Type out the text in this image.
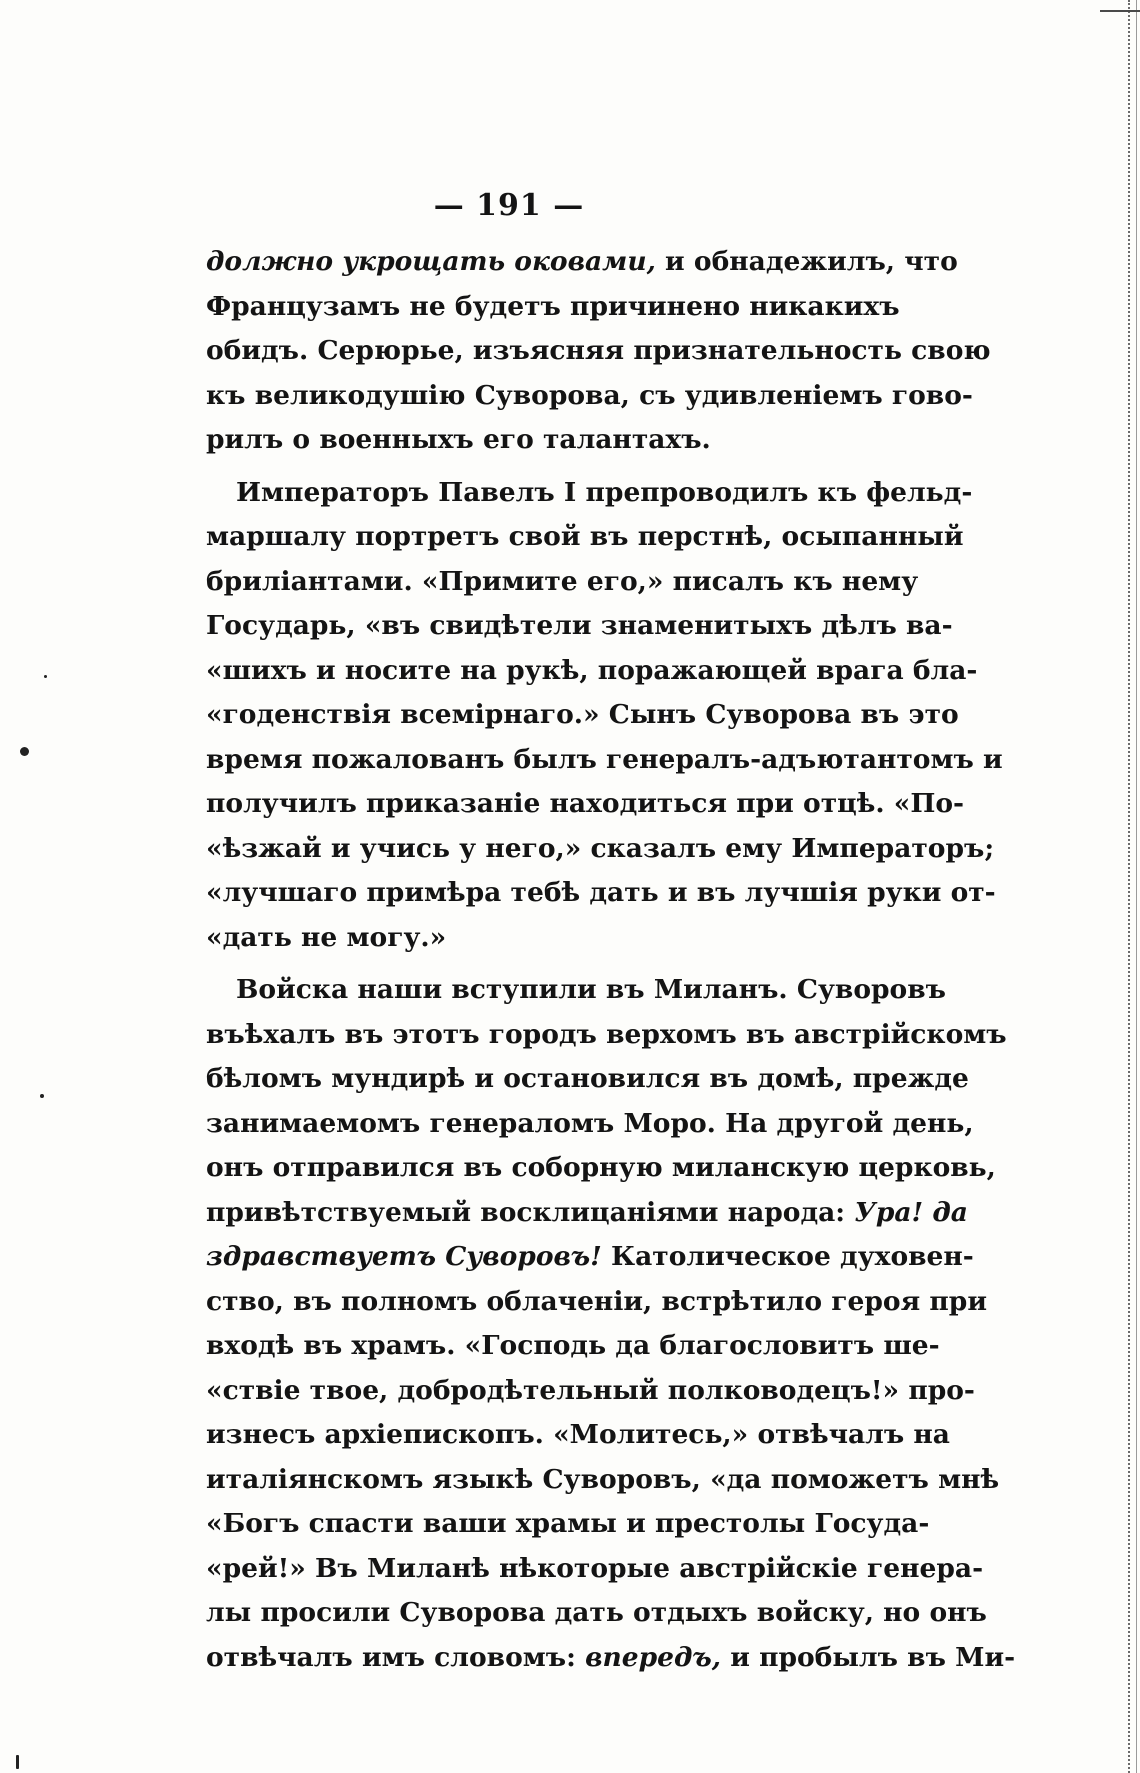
— 191 —
должно укрощать оковами, и обнадежилъ, что
Французамъ не будетъ причинено никакихъ
обидъ. Серюрье, изъясняя признательность свою
къ великодушію Суворова, съ удивленіемъ гово-
рилъ о военныхъ его талантахъ.
Императоръ Павелъ I препроводилъ къ фельд-
маршалу портретъ свой въ перстнѣ, осыпанный
бриліантами. «Примите его,» писалъ къ нему
Государь, «въ свидѣтели знаменитыхъ дѣлъ ва-
«шихъ и носите на рукѣ, поражающей врага бла-
«годенствія всемірнаго.» Сынъ Суворова въ это
время пожалованъ былъ генералъ-адъютантомъ и
получилъ приказаніе находиться при отцѣ. «По-
«ѣзжай и учись у него,» сказалъ ему Императоръ;
«лучшаго примѣра тебѣ дать и въ лучшія руки от-
«дать не могу.»
Войска наши вступили въ Миланъ. Суворовъ
въѣхалъ въ этотъ городъ верхомъ въ австрійскомъ
бѣломъ мундирѣ и остановился въ домѣ, прежде
занимаемомъ генераломъ Моро. На другой день,
онъ отправился въ соборную миланскую церковь,
привѣтствуемый восклицаніями народа: Ура! да
здравствуетъ Суворовъ! Католическое духовен-
ство, въ полномъ облаченіи, встрѣтило героя при
входѣ въ храмъ. «Господь да благословитъ ше-
«ствіе твое, добродѣтельный полководецъ!» про-
изнесъ архіепископъ. «Молитесь,» отвѣчалъ на
италіянскомъ языкѣ Суворовъ, «да поможетъ мнѣ
«Богъ спасти ваши храмы и престолы Госуда-
«рей!» Въ Миланѣ нѣкоторые австрійскіе генера-
лы просили Суворова дать отдыхъ войску, но онъ
отвѣчалъ имъ словомъ: впередъ, и пробылъ въ Ми-
